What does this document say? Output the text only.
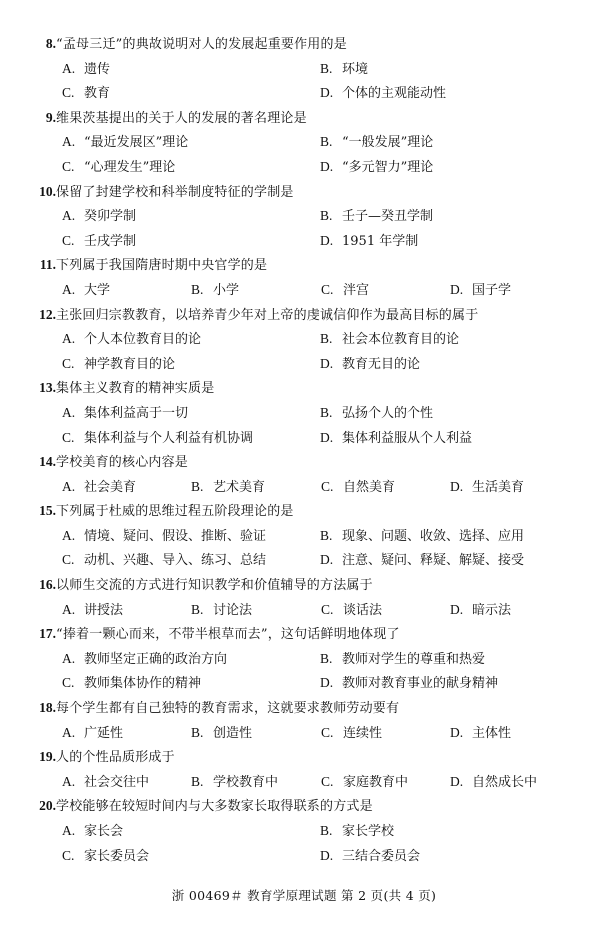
8. “孟母三迁”的典故说明对人的发展起重要作用的是
A. 遗传	B. 环境
C. 教育	D. 个体的主观能动性
9. 维果茨基提出的关于人的发展的著名理论是
A. “最近发展区”理论	B. “一般发展”理论
C. “心理发生”理论	D. “多元智力”理论
10. 保留了封建学校和科举制度特征的学制是
A. 癸卯学制	B. 壬子—癸丑学制
C. 壬戌学制	D. 1951 年学制
11. 下列属于我国隋唐时期中央官学的是
A. 大学	B. 小学	C. 泮宫	D. 国子学
12. 主张回归宗教教育，以培养青少年对上帝的虔诚信仰作为最高目标的属于
A. 个人本位教育目的论	B. 社会本位教育目的论
C. 神学教育目的论	D. 教育无目的论
13. 集体主义教育的精神实质是
A. 集体利益高于一切	B. 弘扬个人的个性
C. 集体利益与个人利益有机协调	D. 集体利益服从个人利益
14. 学校美育的核心内容是
A. 社会美育	B. 艺术美育	C. 自然美育	D. 生活美育
15. 下列属于杜威的思维过程五阶段理论的是
A. 情境、疑问、假设、推断、验证	B. 现象、问题、收敛、选择、应用
C. 动机、兴趣、导入、练习、总结	D. 注意、疑问、释疑、解疑、接受
16. 以师生交流的方式进行知识教学和价值辅导的方法属于
A. 讲授法	B. 讨论法	C. 谈话法	D. 暗示法
17. “捧着一颗心而来，不带半根草而去”，这句话鲜明地体现了
A. 教师坚定正确的政治方向	B. 教师对学生的尊重和热爱
C. 教师集体协作的精神	D. 教师对教育事业的献身精神
18. 每个学生都有自己独特的教育需求，这就要求教师劳动要有
A. 广延性	B. 创造性	C. 连续性	D. 主体性
19. 人的个性品质形成于
A. 社会交往中	B. 学校教育中	C. 家庭教育中	D. 自然成长中
20. 学校能够在较短时间内与大多数家长取得联系的方式是
A. 家长会	B. 家长学校
C. 家长委员会	D. 三结合委员会
浙 00469＃ 教育学原理试题 第 2 页(共 4 页)
